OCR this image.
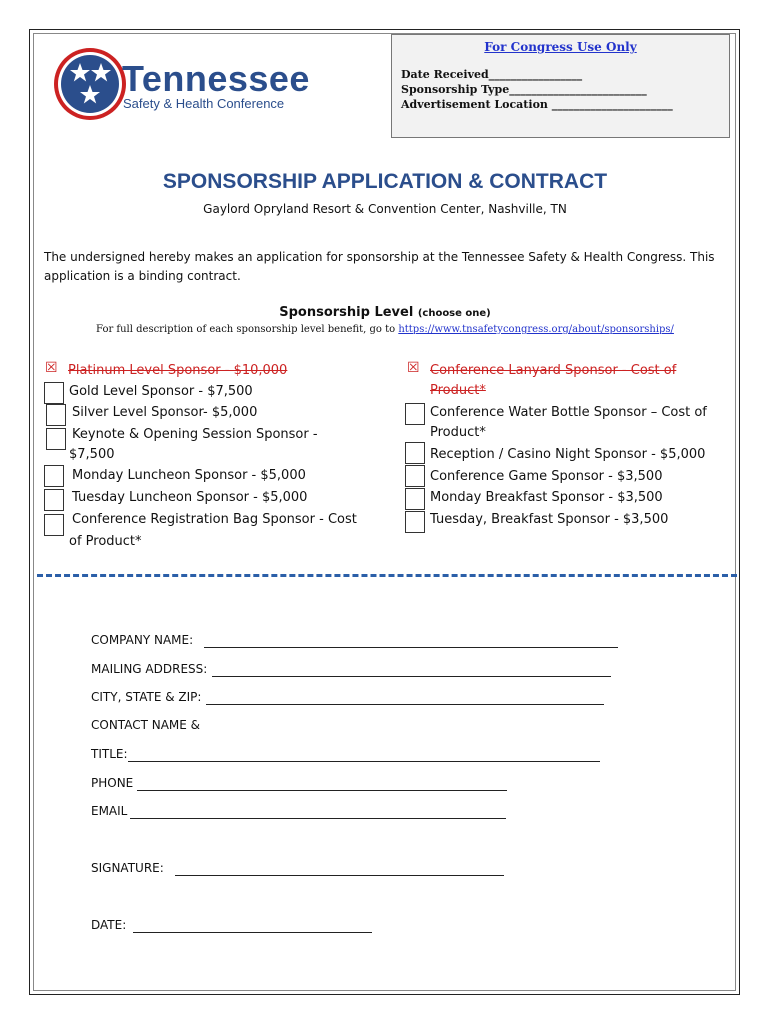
Tennessee
Safety & Health Conference
For Congress Use Only
Date Received_________________
Sponsorship Type_________________________
Advertisement Location ______________________
SPONSORSHIP APPLICATION & CONTRACT
Gaylord Opryland Resort & Convention Center, Nashville, TN
The undersigned hereby makes an application for sponsorship at the Tennessee Safety & Health Congress. This application is a binding contract.
Sponsorship Level (choose one)
For full description of each sponsorship level benefit, go to https://www.tnsafetycongress.org/about/sponsorships/
☒ Platinum Level Sponsor - $10,000
Gold Level Sponsor - $7,500
Silver Level Sponsor- $5,000
Keynote & Opening Session Sponsor -
$7,500
Monday Luncheon Sponsor - $5,000
Tuesday Luncheon Sponsor - $5,000
Conference Registration Bag Sponsor - Cost
of Product*
☒ Conference Lanyard Sponsor - Cost of
Product*
Conference Water Bottle Sponsor – Cost of
Product*
Reception / Casino Night Sponsor - $5,000
Conference Game Sponsor - $3,500
Monday Breakfast Sponsor - $3,500
Tuesday, Breakfast Sponsor - $3,500
COMPANY NAME:
MAILING ADDRESS:
CITY, STATE & ZIP:
CONTACT NAME &
TITLE:
PHONE
EMAIL
SIGNATURE:
DATE:
